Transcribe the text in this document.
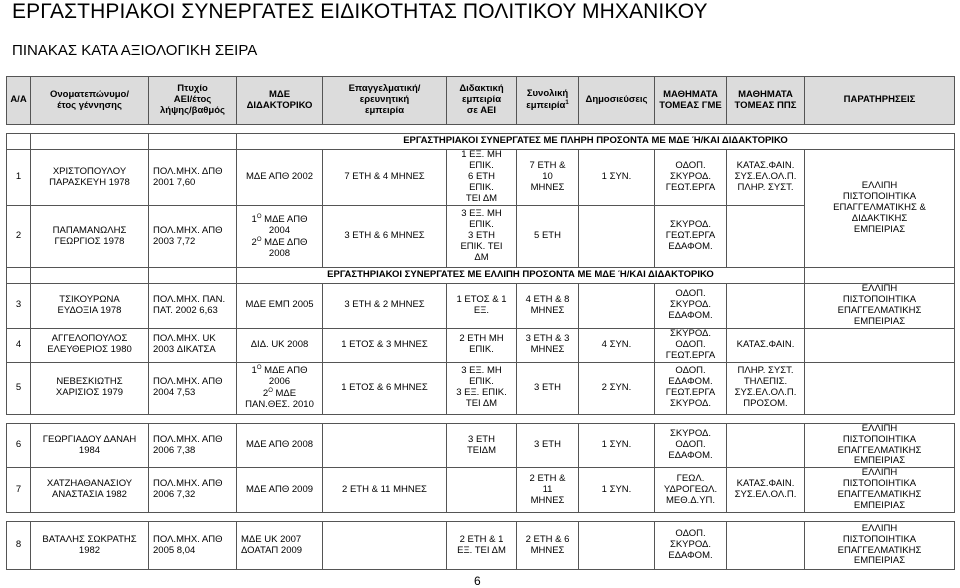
ΕΡΓΑΣΤΗΡΙΑΚΟΙ ΣΥΝΕΡΓΑΤΕΣ ΕΙΔΙΚΟΤΗΤΑΣ ΠΟΛΙΤΙΚΟΥ ΜΗΧΑΝΙΚΟΥ
ΠΙΝΑΚΑΣ ΚΑΤΑ ΑΞΙΟΛΟΓΙΚΗ ΣΕΙΡΑ
Α/Α	Ονοματεπώνυμο/
έτος γέννησης	Πτυχίο
ΑΕΙ/έτος
λήψης/βαθμός	ΜΔΕ
ΔΙΔΑΚΤΟΡΙΚΟ	Επαγγελματική/ερευνητική
εμπειρία	Διδακτική
εμπειρία
σε ΑΕΙ	Συνολική
εμπειρία$^1$	Δημοσιεύσεις	ΜΑΘΗΜΑΤΑ
ΤΟΜΕΑΣ ΓΜΕ	ΜΑΘΗΜΑΤΑ
ΤΟΜΕΑΣ ΠΠΣ	ΠΑΡΑΤΗΡΗΣΕΙΣ

			ΕΡΓΑΣΤΗΡΙΑΚΟΙ ΣΥΝΕΡΓΑΤΕΣ ΜΕ ΠΛΗΡΗ ΠΡΟΣΟΝΤΑ ΜΕ ΜΔΕ Ή/ΚΑΙ ΔΙΔΑΚΤΟΡΙΚΟ							
1	ΧΡΙΣΤΟΠΟΥΛΟΥ
ΠΑΡΑΣΚΕΥΗ 1978	ΠΟΛ.ΜΗΧ. ΔΠΘ
2001 7,60	ΜΔΕ ΑΠΘ 2002	7 ΕΤΗ & 4 ΜΗΝΕΣ	1 ΕΞ. ΜΗ
ΕΠΙΚ.
6 ΕΤΗ
ΕΠΙΚ.
ΤΕΙ ΔΜ	7 ΕΤΗ &
10
ΜΗΝΕΣ	1 ΣΥΝ.	ΟΔΟΠ.
ΣΚΥΡΟΔ.
ΓΕΩΤ.ΕΡΓΑ	ΚΑΤΑΣ.ΦΑΙΝ.
ΣΥΣ.ΕΛ.ΟΛ.Π.
ΠΛΗΡ. ΣΥΣΤ.	ΕΛΛΙΠΗ
ΠΙΣΤΟΠΟΙΗΤΙΚΑ
ΕΠΑΓΓΕΛΜΑΤΙΚΗΣ &
ΔΙΔΑΚΤΙΚΗΣ
ΕΜΠΕΙΡΙΑΣ
2	ΠΑΠΑΜΑΝΩΛΗΣ
ΓΕΩΡΓΙΟΣ 1978	ΠΟΛ.ΜΗΧ. ΑΠΘ
2003 7,72	$1^O$ ΜΔΕ ΑΠΘ
2004
$2^O$ ΜΔΕ ΔΠΘ
2008	3 ΕΤΗ & 6 ΜΗΝΕΣ	3 ΕΞ. ΜΗ
ΕΠΙΚ.
3 ΕΤΗ
ΕΠΙΚ. ΤΕΙ
ΔΜ	5 ΕΤΗ		ΣΚΥΡΟΔ.
ΓΕΩΤ.ΕΡΓΑ
ΕΔΑΦΟΜ.		
			ΕΡΓΑΣΤΗΡΙΑΚΟΙ ΣΥΝΕΡΓΑΤΕΣ ΜΕ ΕΛΛΙΠΗ ΠΡΟΣΟΝΤΑ ΜΕ ΜΔΕ Ή/ΚΑΙ ΔΙΔΑΚΤΟΡΙΚΟ							
3	ΤΣΙΚΟΥΡΩΝΑ
ΕΥΔΟΞΙΑ 1978	ΠΟΛ.ΜΗΧ. ΠΑΝ.
ΠΑΤ. 2002 6,63	ΜΔΕ ΕΜΠ 2005	3 ΕΤΗ & 2 ΜΗΝΕΣ	1 ΕΤΟΣ & 1
ΕΞ.	4 ΕΤΗ & 8
ΜΗΝΕΣ		ΟΔΟΠ.
ΣΚΥΡΟΔ.
ΕΔΑΦΟΜ.		ΕΛΛΙΠΗ
ΠΙΣΤΟΠΟΙΗΤΙΚΑ
ΕΠΑΓΓΕΛΜΑΤΙΚΗΣ
ΕΜΠΕΙΡΙΑΣ
4	ΑΓΓΕΛΟΠΟΥΛΟΣ
ΕΛΕΥΘΕΡΙΟΣ 1980	ΠΟΛ.ΜΗΧ. UK
2003 ΔΙΚΑΤΣΑ	ΔΙΔ. UK 2008	1 ΕΤΟΣ & 3 ΜΗΝΕΣ	2 ΕΤΗ ΜΗ
ΕΠΙΚ.	3 ΕΤΗ & 3
ΜΗΝΕΣ	4 ΣΥΝ.	ΣΚΥΡΟΔ.
ΟΔΟΠ.
ΓΕΩΤ.ΕΡΓΑ	ΚΑΤΑΣ.ΦΑΙΝ.	
5	ΝΕΒΕΣΚΙΩΤΗΣ
ΧΑΡΙΣΙΟΣ 1979	ΠΟΛ.ΜΗΧ. ΑΠΘ
2004 7,53	$1^O$ ΜΔΕ ΑΠΘ
2006
$2^O$ ΜΔΕ
ΠΑΝ.ΘΕΣ. 2010	1 ΕΤΟΣ & 6 ΜΗΝΕΣ	3 ΕΞ. ΜΗ
ΕΠΙΚ.
3 ΕΞ. ΕΠΙΚ.
ΤΕΙ ΔΜ	3 ΕΤΗ	2 ΣΥΝ.	ΟΔΟΠ.
ΕΔΑΦΟΜ.
ΓΕΩΤ.ΕΡΓΑ
ΣΚΥΡΟΔ.	ΠΛΗΡ. ΣΥΣΤ.
ΤΗΛΕΠΙΣ.
ΣΥΣ.ΕΛ.ΟΛ.Π.
ΠΡΟΣΟΜ.	

6	ΓΕΩΡΓΙΑΔΟΥ ΔΑΝΑΗ
1984	ΠΟΛ.ΜΗΧ. ΑΠΘ
2006 7,38	ΜΔΕ ΑΠΘ 2008		3 ΕΤΗ
ΤΕΙΔΜ	3 ΕΤΗ	1 ΣΥΝ.	ΣΚΥΡΟΔ.
ΟΔΟΠ.
ΕΔΑΦΟΜ.		ΕΛΛΙΠΗ
ΠΙΣΤΟΠΟΙΗΤΙΚΑ
ΕΠΑΓΓΕΛΜΑΤΙΚΗΣ
ΕΜΠΕΙΡΙΑΣ
7	ΧΑΤΖΗΑΘΑΝΑΣΙΟΥ
ΑΝΑΣΤΑΣΙΑ 1982	ΠΟΛ.ΜΗΧ. ΑΠΘ
2006 7,32	ΜΔΕ ΑΠΘ 2009	2 ΕΤΗ & 11 ΜΗΝΕΣ		2 ΕΤΗ &
11
ΜΗΝΕΣ	1 ΣΥΝ.	ΓΕΩΛ.
ΥΔΡΟΓΕΩΛ.
ΜΕΘ.Δ.ΥΠ.	ΚΑΤΑΣ.ΦΑΙΝ.
ΣΥΣ.ΕΛ.ΟΛ.Π.	ΕΛΛΙΠΗ
ΠΙΣΤΟΠΟΙΗΤΙΚΑ
ΕΠΑΓΓΕΛΜΑΤΙΚΗΣ
ΕΜΠΕΙΡΙΑΣ

8	ΒΑΤΑΛΗΣ ΣΩΚΡΑΤΗΣ
1982	ΠΟΛ.ΜΗΧ. ΑΠΘ
2005 8,04	ΜΔΕ UK 2007
ΔΟΑΤΑΠ 2009		2 ΕΤΗ & 1
ΕΞ. ΤΕΙ ΔΜ	2 ΕΤΗ & 6
ΜΗΝΕΣ		ΟΔΟΠ.
ΣΚΥΡΟΔ.
ΕΔΑΦΟΜ.		ΕΛΛΙΠΗ
ΠΙΣΤΟΠΟΙΗΤΙΚΑ
ΕΠΑΓΓΕΛΜΑΤΙΚΗΣ
ΕΜΠΕΙΡΙΑΣ
6
